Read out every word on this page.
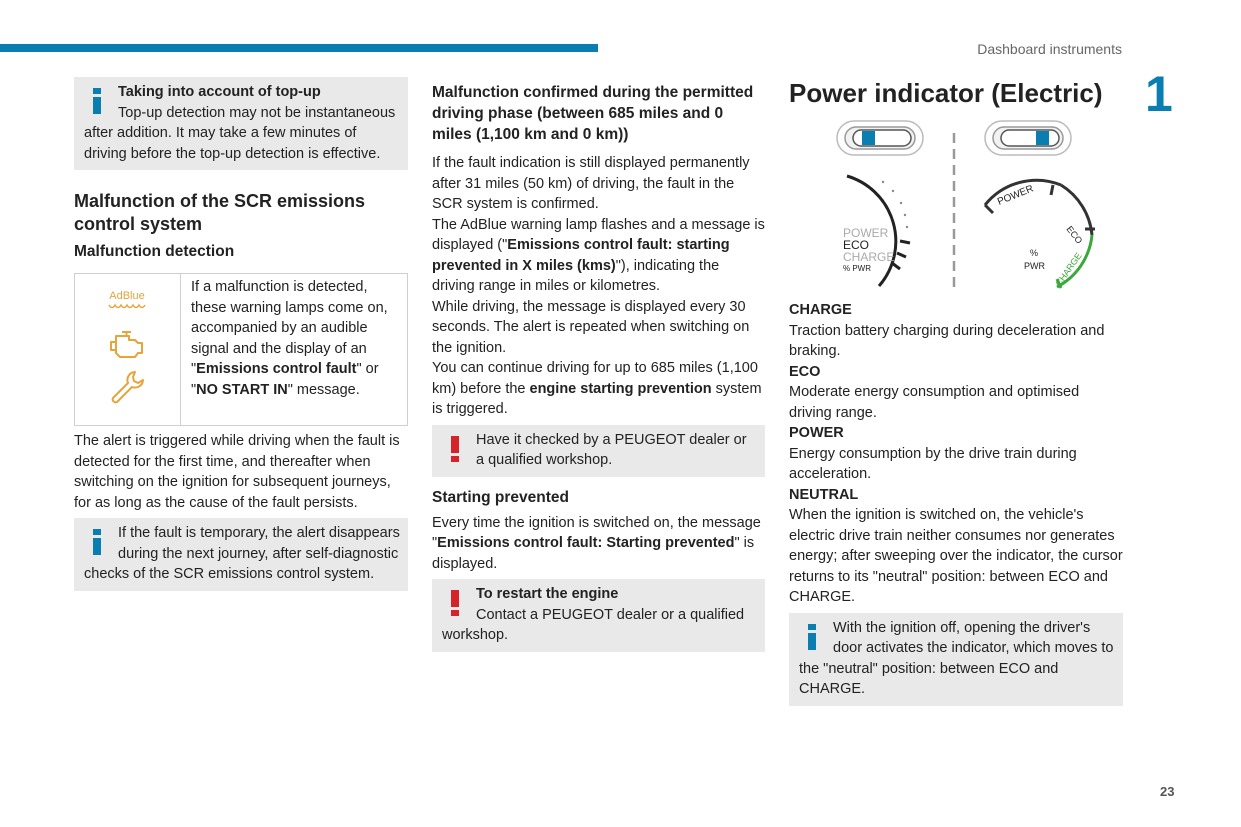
Dashboard instruments
1
23

Taking into account of top-up

Top-up detection may not be instantaneous after addition. It may take a few minutes of driving before the top-up detection is effective.

Malfunction of the SCR emissions control system
Malfunction detection
AdBlue
If a malfunction is detected, these warning lamps come on, accompanied by an audible signal and the display of an "Emissions control fault" or "NO START IN" message.

The alert is triggered while driving when the fault is detected for the first time, and thereafter when switching on the ignition for subsequent journeys, for as long as the cause of the fault persists.

If the fault is temporary, the alert disappears during the next journey, after self-diagnostic checks of the SCR emissions control system.

Malfunction confirmed during the permitted driving phase (between 685 miles and 0 miles (1,100 km and 0 km))

If the fault indication is still displayed permanently after 31 miles (50 km) of driving, the fault in the SCR system is confirmed.

The AdBlue warning lamp flashes and a message is displayed ("Emissions control fault: starting prevented in X miles (kms)"), indicating the driving range in miles or kilometres.

While driving, the message is displayed every 30 seconds. The alert is repeated when switching on the ignition.

You can continue driving for up to 685 miles (1,100 km) before the engine starting prevention system is triggered.

Have it checked by a PEUGEOT dealer or a qualified workshop.

Starting prevented

Every time the ignition is switched on, the message "Emissions control fault: Starting prevented" is displayed.

To restart the engine

Contact a PEUGEOT dealer or a qualified workshop.

Power indicator (Electric)
POWER
ECO
CHARGE
% PWR
POWER
ECO
CHARGE
%
PWR

CHARGE

Traction battery charging during deceleration and braking.

ECO

Moderate energy consumption and optimised driving range.

POWER

Energy consumption by the drive train during acceleration.

NEUTRAL

When the ignition is switched on, the vehicle's electric drive train neither consumes nor generates energy; after sweeping over the indicator, the cursor returns to its "neutral" position: between ECO and CHARGE.

With the ignition off, opening the driver's door activates the indicator, which moves to the "neutral" position: between ECO and CHARGE.
